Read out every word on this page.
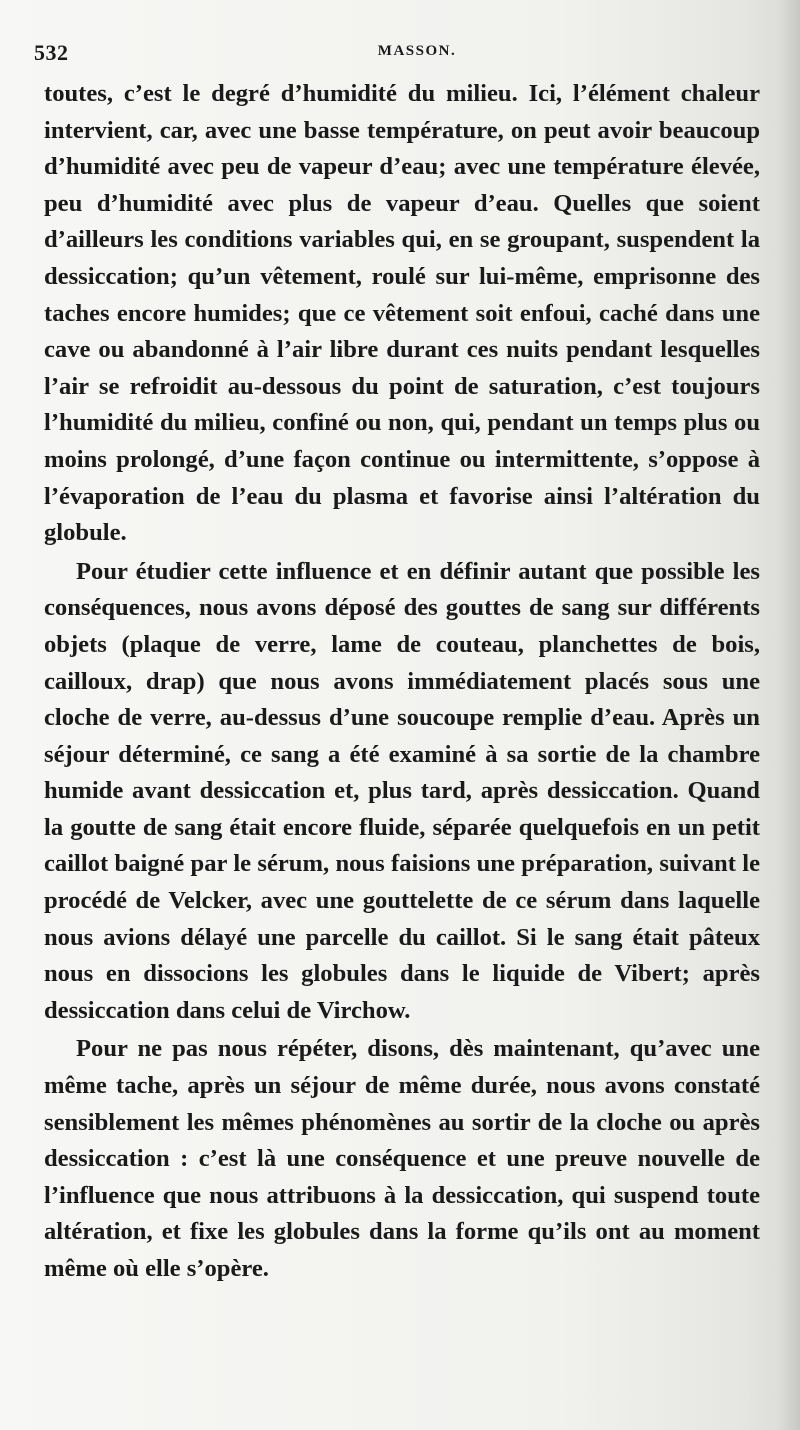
532	MASSON.

toutes, c’est le degré d’humidité du milieu. Ici, l’élément chaleur intervient, car, avec une basse température, on peut avoir beaucoup d’humidité avec peu de vapeur d’eau; avec une température élevée, peu d’humidité avec plus de vapeur d’eau. Quelles que soient d’ailleurs les conditions variables qui, en se groupant, suspendent la dessiccation; qu’un vêtement, roulé sur lui-même, emprisonne des taches encore humides; que ce vêtement soit enfoui, caché dans une cave ou abandonné à l’air libre durant ces nuits pendant lesquelles l’air se refroidit au-dessous du point de saturation, c’est toujours l’humidité du milieu, confiné ou non, qui, pendant un temps plus ou moins prolongé, d’une façon continue ou intermittente, s’oppose à l’évaporation de l’eau du plasma et favorise ainsi l’altération du globule.

Pour étudier cette influence et en définir autant que possible les conséquences, nous avons déposé des gouttes de sang sur différents objets (plaque de verre, lame de couteau, planchettes de bois, cailloux, drap) que nous avons immédiatement placés sous une cloche de verre, au-dessus d’une soucoupe remplie d’eau. Après un séjour déterminé, ce sang a été examiné à sa sortie de la chambre humide avant dessiccation et, plus tard, après dessiccation. Quand la goutte de sang était encore fluide, séparée quelquefois en un petit caillot baigné par le sérum, nous faisions une préparation, suivant le procédé de Velcker, avec une gouttelette de ce sérum dans laquelle nous avions délayé une parcelle du caillot. Si le sang était pâteux nous en dissocions les globules dans le liquide de Vibert; après dessiccation dans celui de Virchow.

Pour ne pas nous répéter, disons, dès maintenant, qu’avec une même tache, après un séjour de même durée, nous avons constaté sensiblement les mêmes phénomènes au sortir de la cloche ou après dessiccation : c’est là une conséquence et une preuve nouvelle de l’influence que nous attribuons à la dessiccation, qui suspend toute altération, et fixe les globules dans la forme qu’ils ont au moment même où elle s’opère.
